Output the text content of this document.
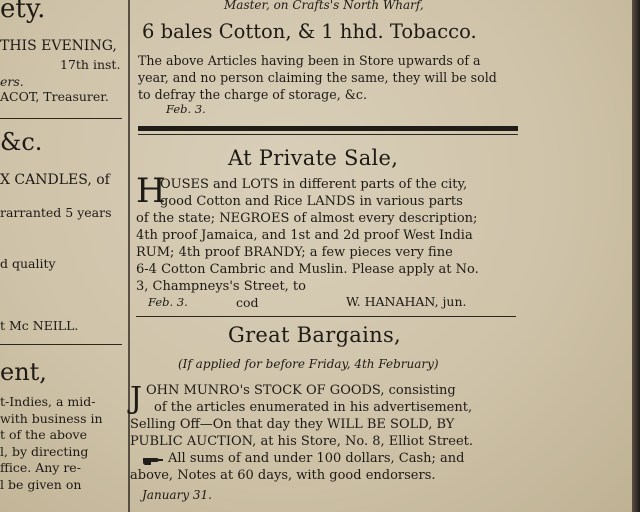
ety.
THIS EVENING,
17th inst.
ers.
ACOT, Treasurer.
&c.
X CANDLES, of
rarranted 5 years
d quality
t Mc NEILL.
ent,
t-Indies, a mid-
with business in
t of the above
l, by directing
ffice. Any re-
l be given on
Master, on Crafts's North Wharf,
6 bales Cotton, & 1 hhd. Tobacco.
The above Articles having been in Store upwards of a
year, and no person claiming the same, they will be sold
to defray the charge of storage, &c.
Feb. 3.
At Private Sale,
H
OUSES and LOTS in different parts of the city,
good Cotton and Rice LANDS in various parts
of the state; NEGROES of almost every description;
4th proof Jamaica, and 1st and 2d proof West India
RUM; 4th proof BRANDY; a few pieces very fine
6-4 Cotton Cambric and Muslin. Please apply at No.
3, Champneys's Street, to
Feb. 3.	cod	W. HANAHAN, jun.
Great Bargains,
(If applied for before Friday, 4th February)
J OHN MUNRO's STOCK OF GOODS, consisting
of the articles enumerated in his advertisement,
Selling Off—On that day they WILL BE SOLD, BY
PUBLIC AUCTION, at his Store, No. 8, Elliot Street.
All sums of and under 100 dollars, Cash; and
above, Notes at 60 days, with good endorsers.
January 31.
